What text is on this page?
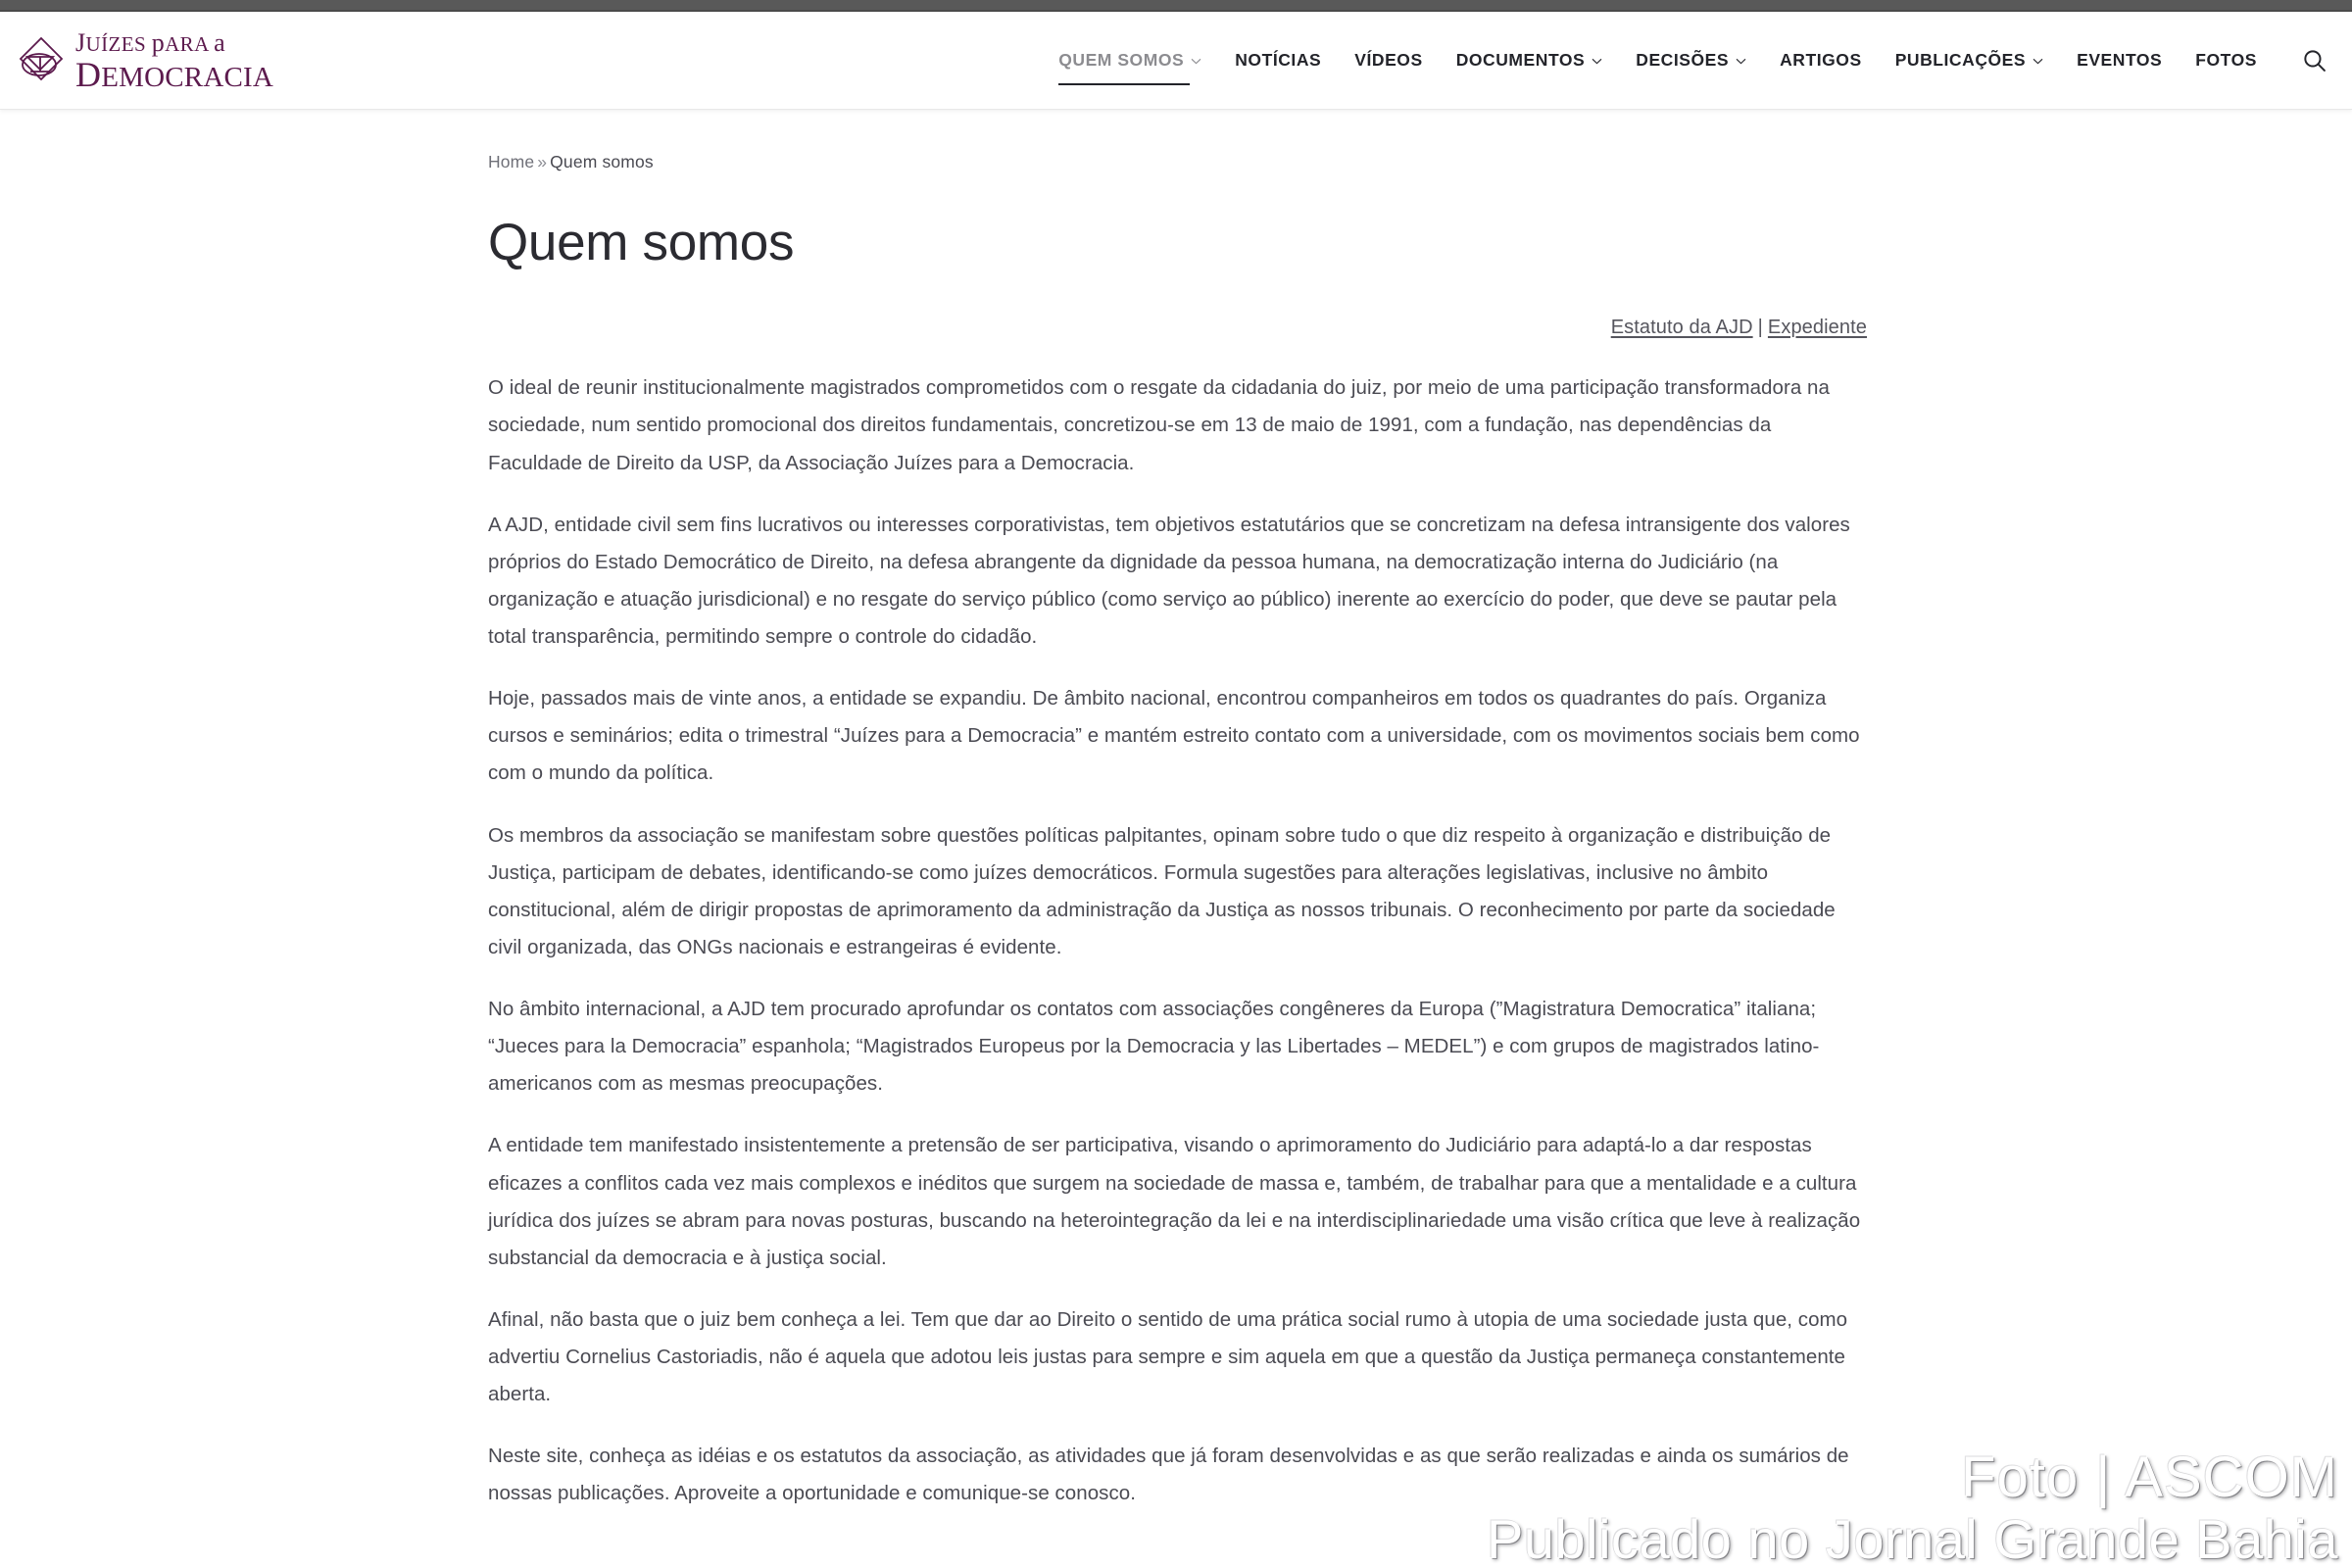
JUÍZES pARA a
DEMOCRACIA
QUEM SOMOS	NOTÍCIAS VÍDEOS DOCUMENTOS	DECISÕES	ARTIGOS PUBLICAÇÕES	EVENTOS FOTOS
Home » Quem somos
Quem somos
Estatuto da AJD | Expediente

O ideal de reunir institucionalmente magistrados comprometidos com o resgate da cidadania do juiz, por meio de uma participação transformadora na sociedade, num sentido promocional dos direitos fundamentais, concretizou-se em 13 de maio de 1991, com a fundação, nas dependências da Faculdade de Direito da USP, da Associação Juízes para a Democracia.

A AJD, entidade civil sem fins lucrativos ou interesses corporativistas, tem objetivos estatutários que se concretizam na defesa intransigente dos valores próprios do Estado Democrático de Direito, na defesa abrangente da dignidade da pessoa humana, na democratização interna do Judiciário (na organização e atuação jurisdicional) e no resgate do serviço público (como serviço ao público) inerente ao exercício do poder, que deve se pautar pela total transparência, permitindo sempre o controle do cidadão.

Hoje, passados mais de vinte anos, a entidade se expandiu. De âmbito nacional, encontrou companheiros em todos os quadrantes do país. Organiza cursos e seminários; edita o trimestral “Juízes para a Democracia” e mantém estreito contato com a universidade, com os movimentos sociais bem como com o mundo da política.

Os membros da associação se manifestam sobre questões políticas palpitantes, opinam sobre tudo o que diz respeito à organização e distribuição de Justiça, participam de debates, identificando-se como juízes democráticos. Formula sugestões para alterações legislativas, inclusive no âmbito constitucional, além de dirigir propostas de aprimoramento da administração da Justiça as nossos tribunais. O reconhecimento por parte da sociedade civil organizada, das ONGs nacionais e estrangeiras é evidente.

No âmbito internacional, a AJD tem procurado aprofundar os contatos com associações congêneres da Europa (”Magistratura Democratica” italiana; “Jueces para la Democracia” espanhola; “Magistrados Europeus por la Democracia y las Libertades – MEDEL”) e com grupos de magistrados latino-americanos com as mesmas preocupações.

A entidade tem manifestado insistentemente a pretensão de ser participativa, visando o aprimoramento do Judiciário para adaptá-lo a dar respostas eficazes a conflitos cada vez mais complexos e inéditos que surgem na sociedade de massa e, também, de trabalhar para que a mentalidade e a cultura jurídica dos juízes se abram para novas posturas, buscando na heterointegração da lei e na interdisciplinariedade uma visão crítica que leve à realização substancial da democracia e à justiça social.

Afinal, não basta que o juiz bem conheça a lei. Tem que dar ao Direito o sentido de uma prática social rumo à utopia de uma sociedade justa que, como advertiu Cornelius Castoriadis, não é aquela que adotou leis justas para sempre e sim aquela em que a questão da Justiça permaneça constantemente aberta.

Neste site, conheça as idéias e os estatutos da associação, as atividades que já foram desenvolvidas e as que serão realizadas e ainda os sumários de nossas publicações. Aproveite a oportunidade e comunique-se conosco.	Foto | ASCOM
Publicado no Jornal Grande Bahia
